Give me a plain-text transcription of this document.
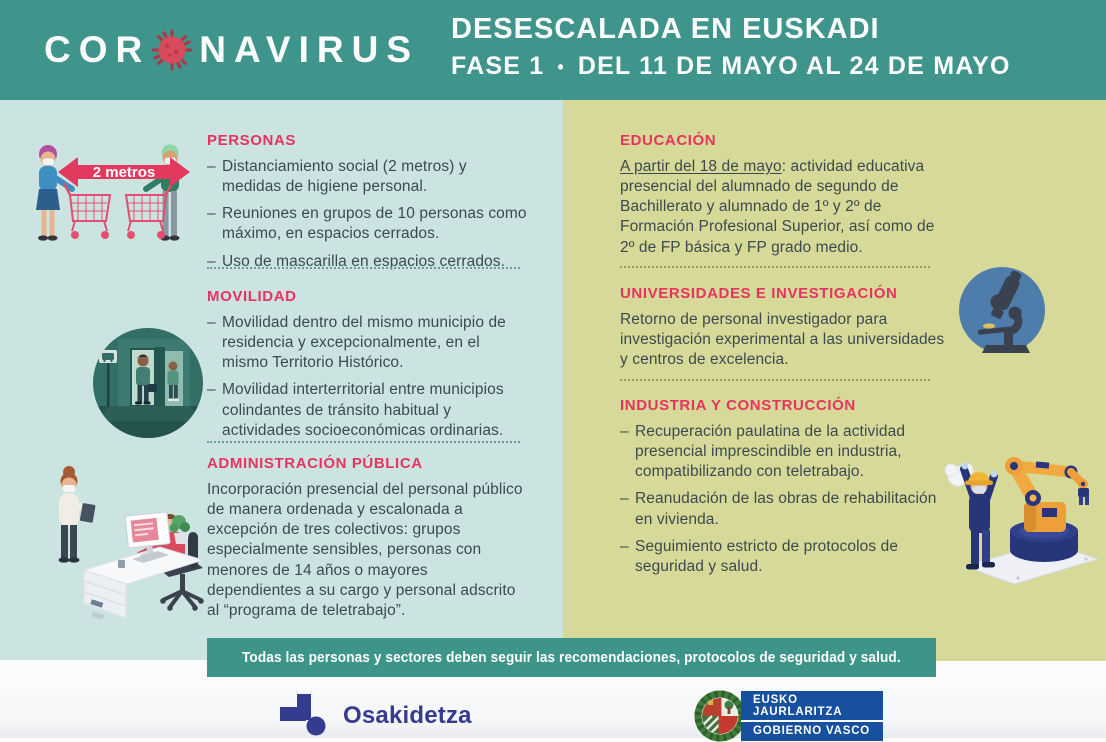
COR NAVIRUS DESESCALADA EN EUSKADI
FASE 1 • DEL 11 DE MAYO AL 24 DE MAYO
PERSONAS
– Distanciamiento social (2 metros) y medidas de higiene personal.
– Reuniones en grupos de 10 personas como máximo, en espacios cerrados.
– Uso de mascarilla en espacios cerrados.
MOVILIDAD
– Movilidad dentro del mismo municipio de residencia y excepcionalmente, en el mismo Territorio Histórico.
– Movilidad interterritorial entre municipios colindantes de tránsito habitual y actividades socioeconómicas ordinarias.
ADMINISTRACIÓN PÚBLICA
Incorporación presencial del personal público de manera ordenada y escalonada a excepción de tres colectivos: grupos especialmente sensibles, personas con menores de 14 años o mayores dependientes a su cargo y personal adscrito al “programa de teletrabajo”.
EDUCACIÓN
A partir del 18 de mayo: actividad educativa presencial del alumnado de segundo de Bachillerato y alumnado de 1º y 2º de Formación Profesional Superior, así como de 2º de FP básica y FP grado medio.
UNIVERSIDADES E INVESTIGACIÓN
Retorno de personal investigador para investigación experimental a las universidades y centros de excelencia.
INDUSTRIA Y CONSTRUCCIÓN
– Recuperación paulatina de la actividad presencial imprescindible en industria, compatibilizando con teletrabajo.
– Reanudación de las obras de rehabilitación en vivienda.
– Seguimiento estricto de protocolos de seguridad y salud.
2 metros
Todas las personas y sectores deben seguir las recomendaciones, protocolos de seguridad y salud.
Osakidetza
EUSKO JAURLARITZA
GOBIERNO VASCO
